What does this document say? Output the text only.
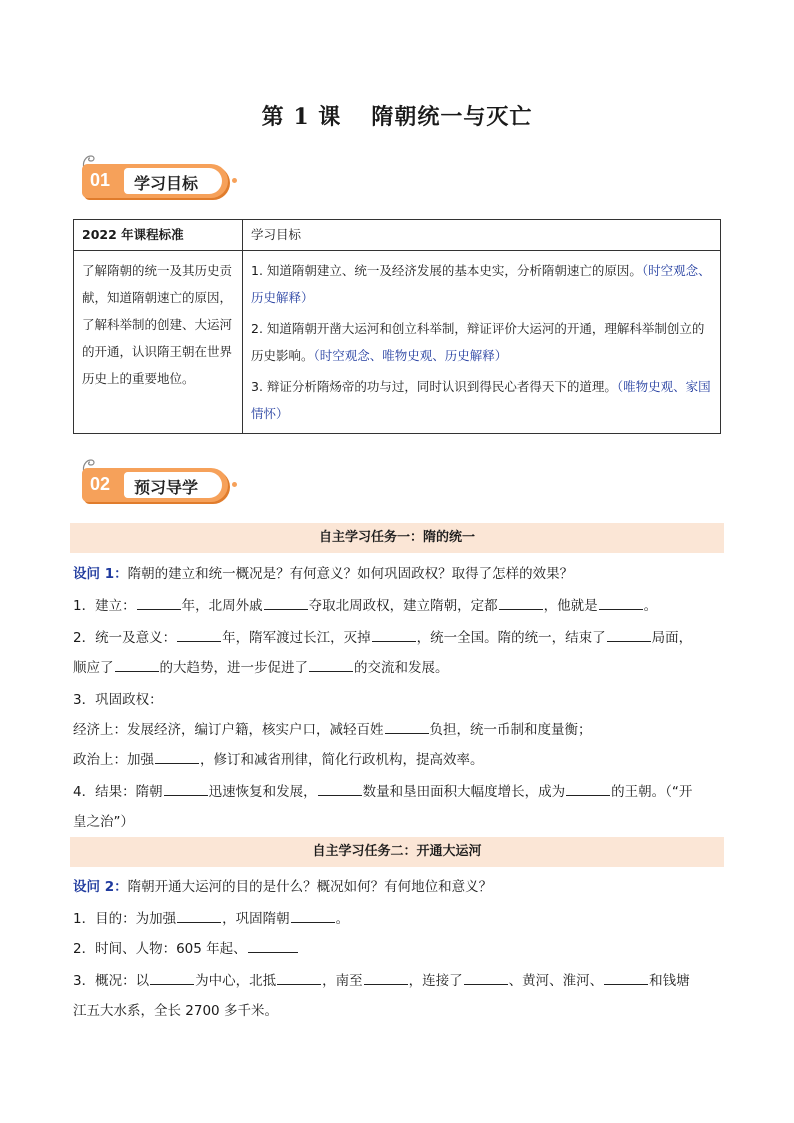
第 1 课 隋朝统一与灭亡
01 学习目标
2022 年课程标准	学习目标
了解隋朝的统一及其历史贡献，知道隋朝速亡的原因，了解科举制的创建、大运河的开通，认识隋王朝在世界历史上的重要地位。	1. 知道隋朝建立、统一及经济发展的基本史实，分析隋朝速亡的原因。（时空观念、历史解释）

2. 知道隋朝开凿大运河和创立科举制，辩证评价大运河的开通，理解科举制创立的历史影响。（时空观念、唯物史观、历史解释）

3. 辩证分析隋炀帝的功与过，同时认识到得民心者得天下的道理。（唯物史观、家国情怀）

02 预习导学
自主学习任务一：隋的统一
设问 1：隋朝的建立和统一概况是？有何意义？如何巩固政权？取得了怎样的效果？
1．建立：	年，北周外戚	夺取北周政权，建立隋朝，定都	，他就是	。
2．统一及意义：	年，隋军渡过长江，灭掉	，统一全国。隋的统一，结束了	局面，
顺应了	的大趋势，进一步促进了	的交流和发展。
3．巩固政权：
经济上：发展经济，编订户籍，核实户口，减轻百姓	负担，统一币制和度量衡；
政治上：加强	，修订和减省刑律，简化行政机构，提高效率。
4．结果：隋朝	迅速恢复和发展，	数量和垦田面积大幅度增长，成为	的王朝。（“开
皇之治”）
自主学习任务二：开通大运河
设问 2：隋朝开通大运河的目的是什么？概况如何？有何地位和意义？
1．目的：为加强	，巩固隋朝	。
2．时间、人物：605 年起、
3．概况：以	为中心，北抵	，南至	，连接了	、黄河、淮河、	和钱塘
江五大水系，全长 2700 多千米。
